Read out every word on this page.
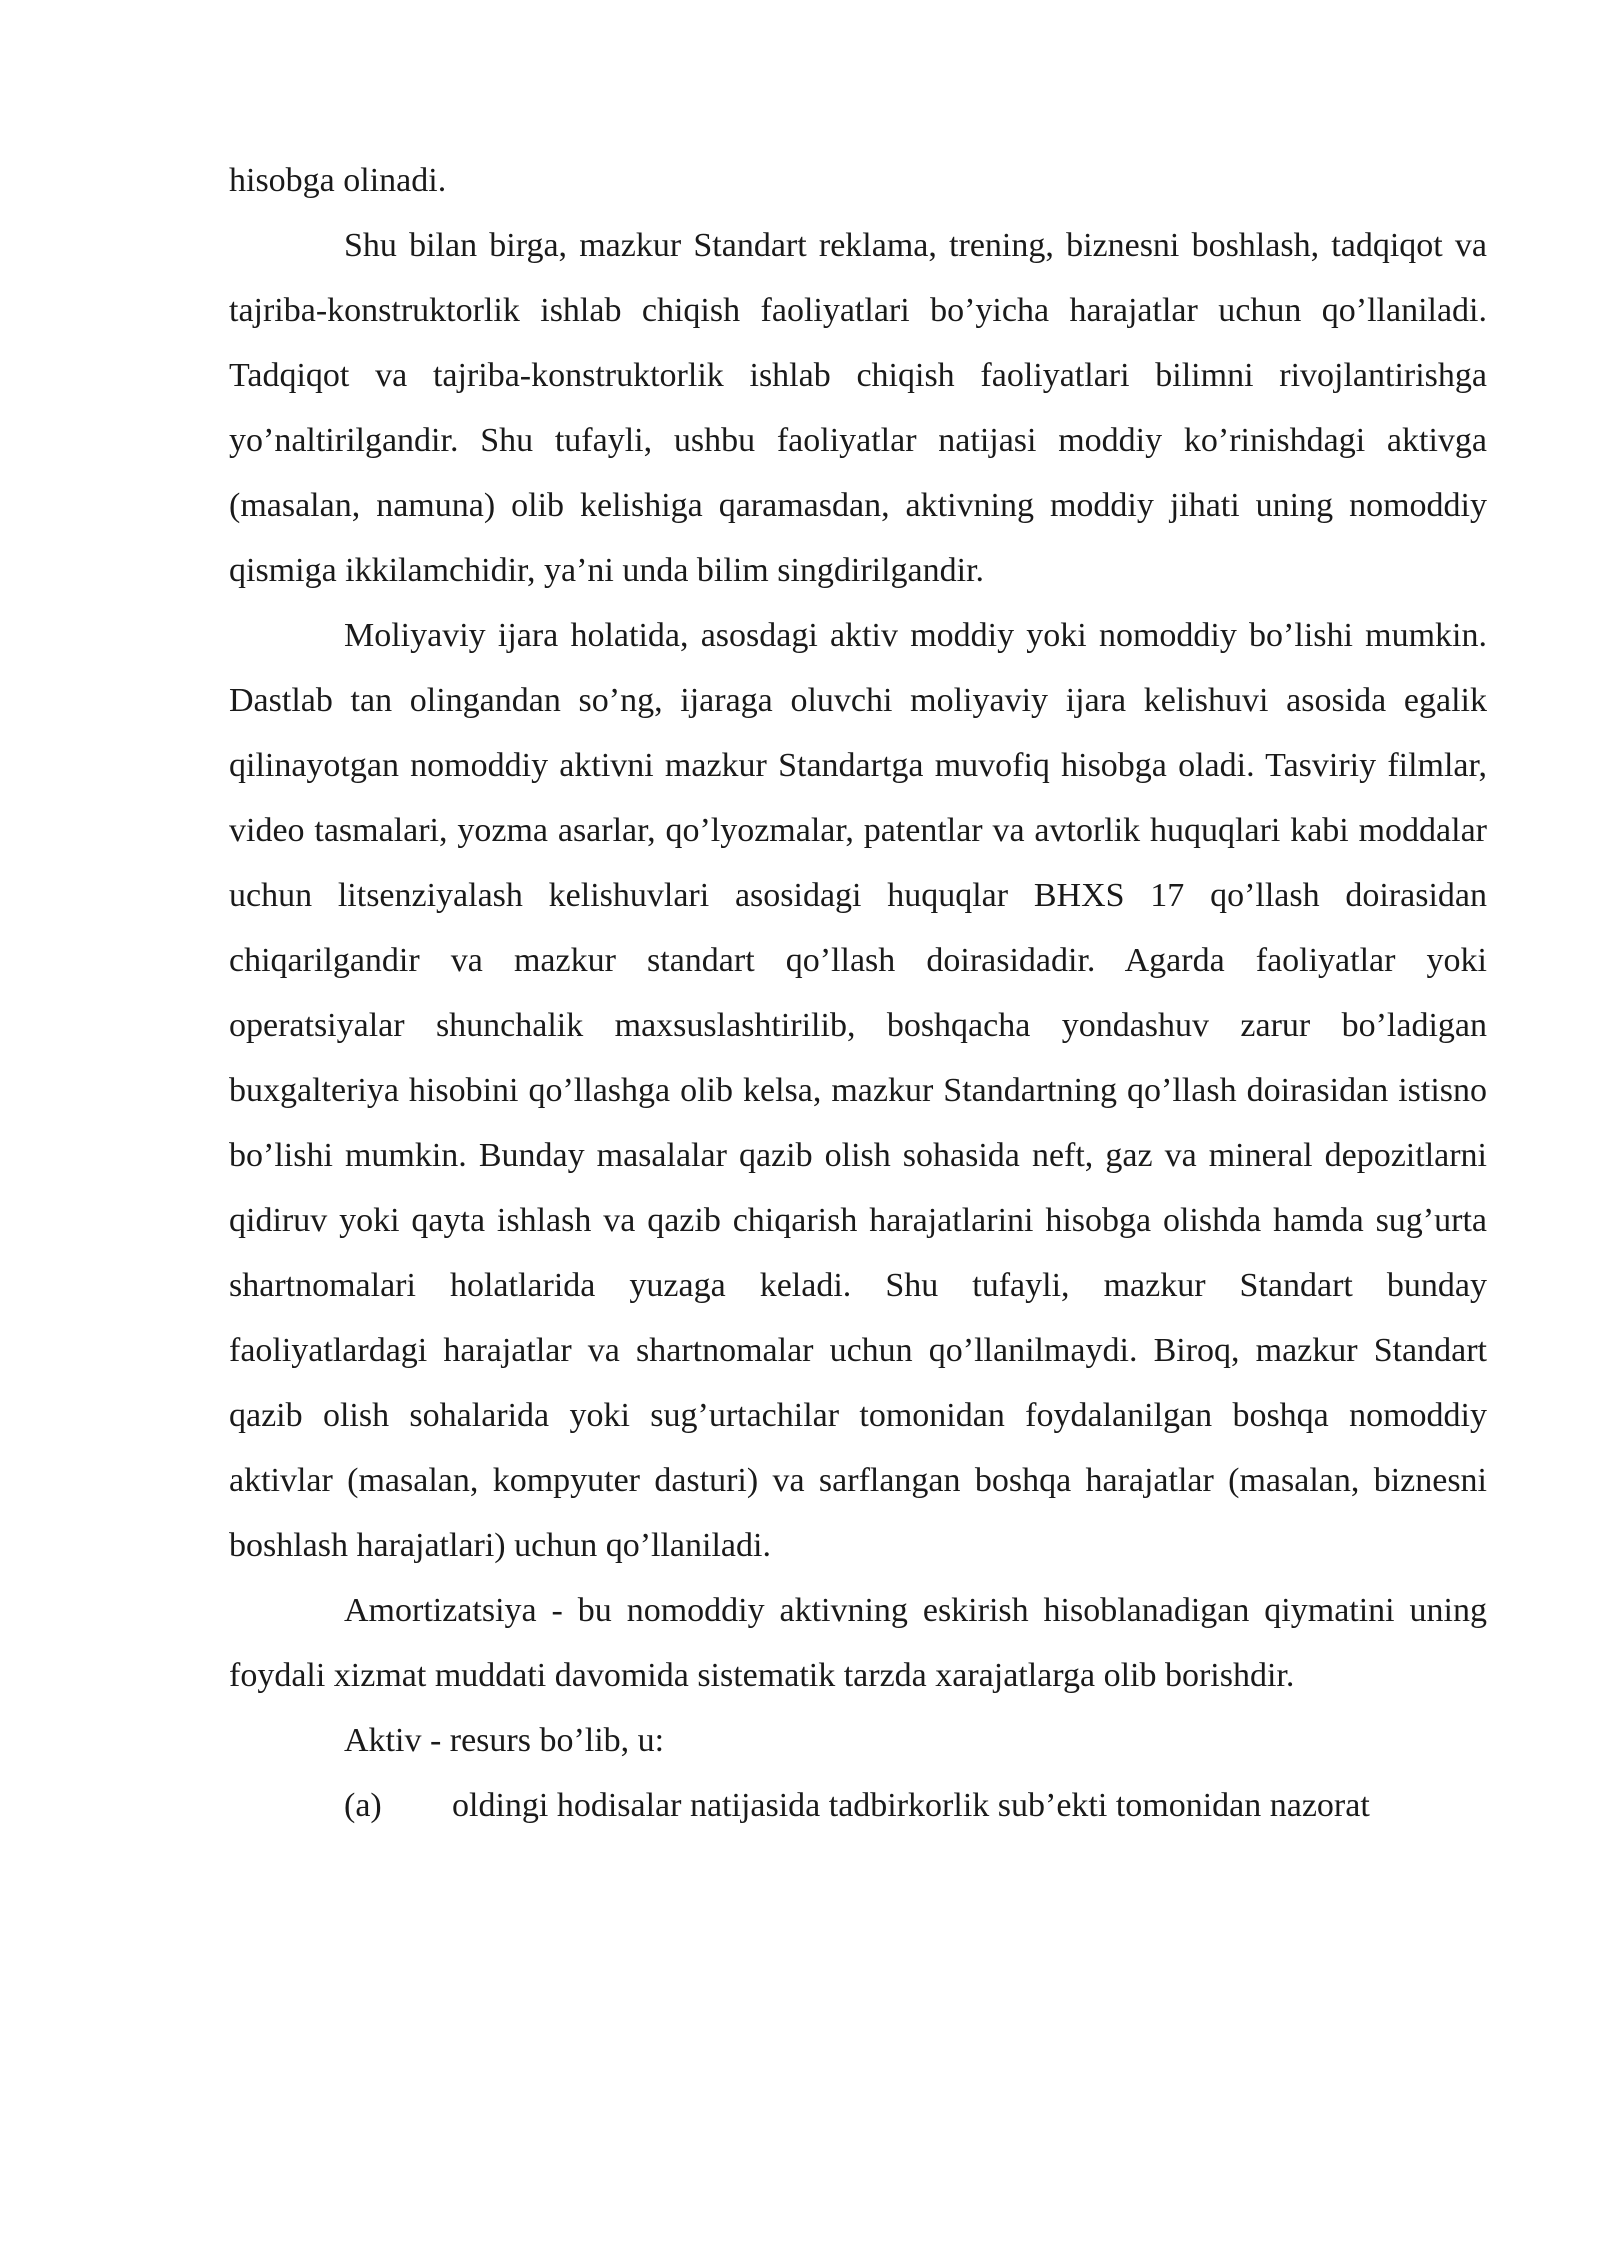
hisobga olinadi.

Shu bilan birga, mazkur Standart reklama, trening, biznesni boshlash, tadqiqot va tajriba-konstruktorlik ishlab chiqish faoliyatlari bo’yicha harajatlar uchun qo’llaniladi. Tadqiqot va tajriba-konstruktorlik ishlab chiqish faoliyatlari bilimni rivojlantirishga yo’naltirilgandir. Shu tufayli, ushbu faoliyatlar natijasi moddiy ko’rinishdagi aktivga (masalan, namuna) olib kelishiga qaramasdan, aktivning moddiy jihati uning nomoddiy qismiga ikkilamchidir, ya’ni unda bilim singdirilgandir.

Moliyaviy ijara holatida, asosdagi aktiv moddiy yoki nomoddiy bo’lishi mumkin. Dastlab tan olingandan so’ng, ijaraga oluvchi moliyaviy ijara kelishuvi asosida egalik qilinayotgan nomoddiy aktivni mazkur Standartga muvofiq hisobga oladi. Tasviriy filmlar, video tasmalari, yozma asarlar, qo’lyozmalar, patentlar va avtorlik huquqlari kabi moddalar uchun litsenziyalash kelishuvlari asosidagi huquqlar BHXS 17 qo’llash doirasidan chiqarilgandir va mazkur standart qo’llash doirasidadir. Agarda faoliyatlar yoki operatsiyalar shunchalik maxsuslashtirilib, boshqacha yondashuv zarur bo’ladigan buxgalteriya hisobini qo’llashga olib kelsa, mazkur Standartning qo’llash doirasidan istisno bo’lishi mumkin. Bunday masalalar qazib olish sohasida neft, gaz va mineral depozitlarni qidiruv yoki qayta ishlash va qazib chiqarish harajatlarini hisobga olishda hamda sug’urta shartnomalari holatlarida yuzaga keladi. Shu tufayli, mazkur Standart bunday faoliyatlardagi harajatlar va shartnomalar uchun qo’llanilmaydi. Biroq, mazkur Standart qazib olish sohalarida yoki sug’urtachilar tomonidan foydalanilgan boshqa nomoddiy aktivlar (masalan, kompyuter dasturi) va sarflangan boshqa harajatlar (masalan, biznesni boshlash harajatlari) uchun qo’llaniladi.

Amortizatsiya - bu nomoddiy aktivning eskirish hisoblanadigan qiymatini uning foydali xizmat muddati davomida sistematik tarzda xarajatlarga olib borishdir.

Aktiv - resurs bo’lib, u:

(a)	oldingi hodisalar natijasida tadbirkorlik sub’ekti tomonidan nazorat
